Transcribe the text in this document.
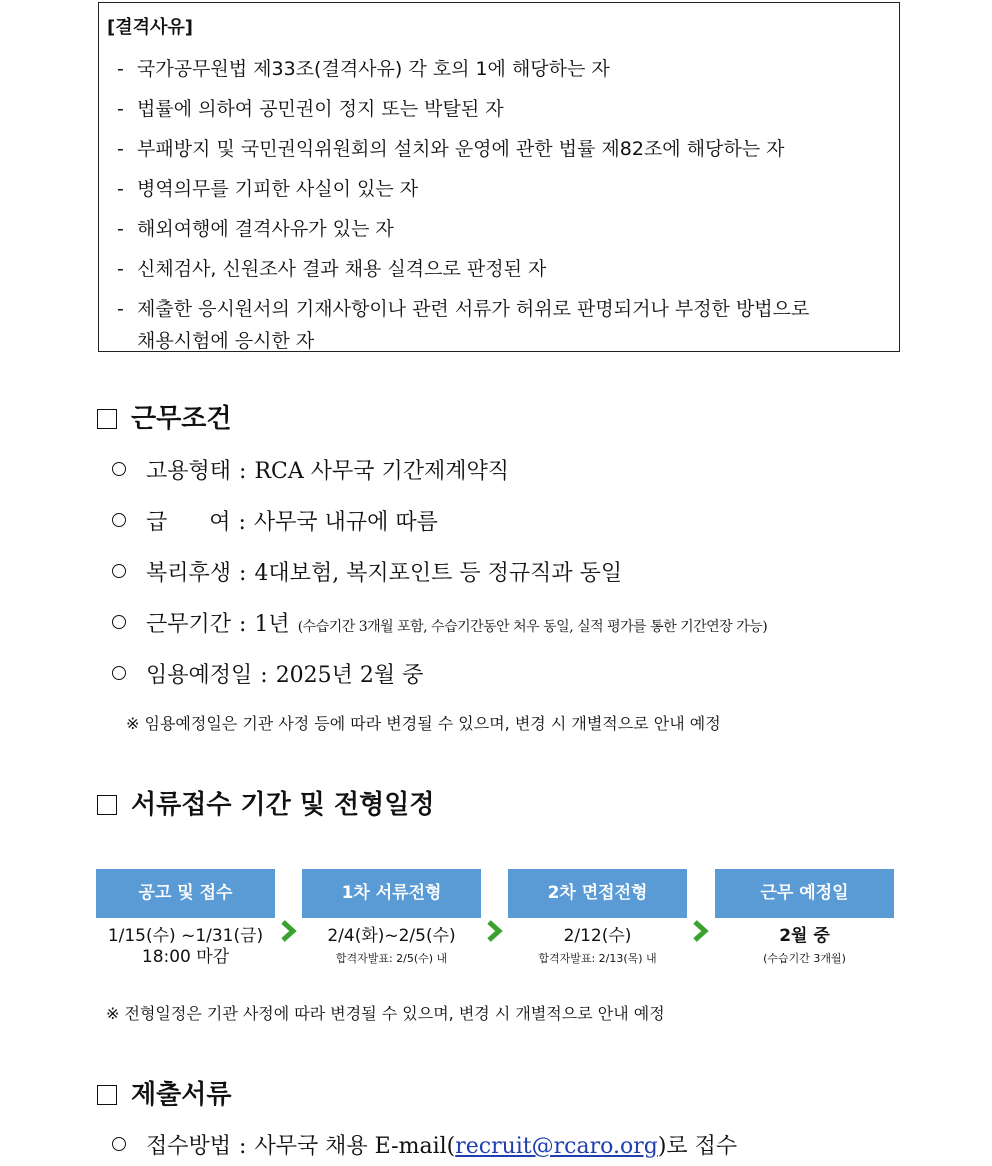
[결격사유]
- 국가공무원법 제33조(결격사유) 각 호의 1에 해당하는 자
- 법률에 의하여 공민권이 정지 또는 박탈된 자
- 부패방지 및 국민권익위원회의 설치와 운영에 관한 법률 제82조에 해당하는 자
- 병역의무를 기피한 사실이 있는 자
- 해외여행에 결격사유가 있는 자
- 신체검사, 신원조사 결과 채용 실격으로 판정된 자
- 제출한 응시원서의 기재사항이나 관련 서류가 허위로 판명되거나 부정한 방법으로
채용시험에 응시한 자
근무조건
고용형태 : RCA 사무국 기간제계약직
급      여 : 사무국 내규에 따름
복리후생 : 4대보험, 복지포인트 등 정규직과 동일
근무기간 : 1년 (수습기간 3개월 포함, 수습기간동안 처우 동일, 실적 평가를 통한 기간연장 가능)
임용예정일 : 2025년 2월 중
※ 임용예정일은 기관 사정 등에 따라 변경될 수 있으며, 변경 시 개별적으로 안내 예정
서류접수 기간 및 전형일정
공고 및 접수
1/15(수) ~1/31(금)
18:00 마감
1차 서류전형
2/4(화)~2/5(수)
합격자발표: 2/5(수) 내
2차 면접전형
2/12(수)
합격자발표: 2/13(목) 내
근무 예정일
2월 중
(수습기간 3개월)
※ 전형일정은 기관 사정에 따라 변경될 수 있으며, 변경 시 개별적으로 안내 예정
제출서류
접수방법 : 사무국 채용 E-mail(recruit@rcaro.org)로 접수
